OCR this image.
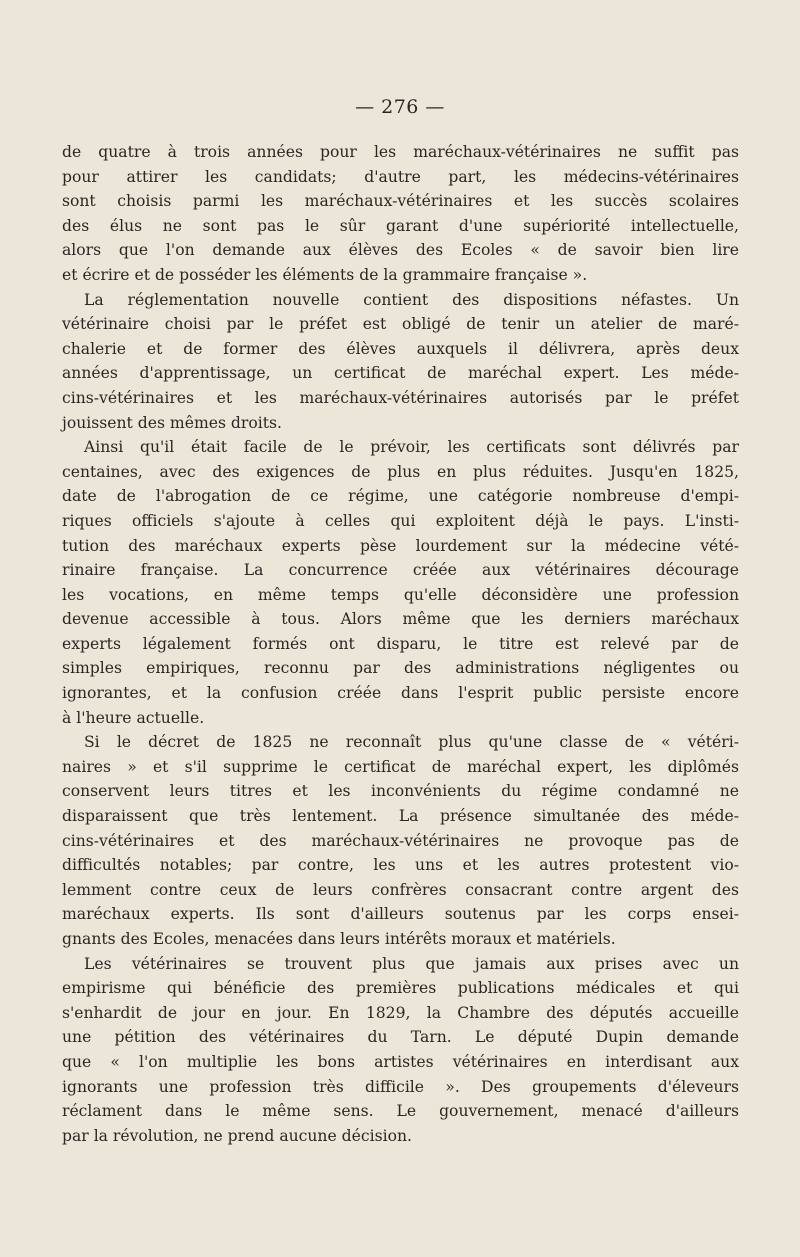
— 276 —
de quatre à trois années pour les maréchaux-vétérinaires ne suffit pas
pour attirer les candidats; d'autre part, les médecins-vétérinaires
sont choisis parmi les maréchaux-vétérinaires et les succès scolaires
des élus ne sont pas le sûr garant d'une supériorité intellectuelle,
alors que l'on demande aux élèves des Ecoles « de savoir bien lire
et écrire et de posséder les éléments de la grammaire française ».
La réglementation nouvelle contient des dispositions néfastes. Un
vétérinaire choisi par le préfet est obligé de tenir un atelier de maré-
chalerie et de former des élèves auxquels il délivrera, après deux
années d'apprentissage, un certificat de maréchal expert. Les méde-
cins-vétérinaires et les maréchaux-vétérinaires autorisés par le préfet
jouissent des mêmes droits.
Ainsi qu'il était facile de le prévoir, les certificats sont délivrés par
centaines, avec des exigences de plus en plus réduites. Jusqu'en 1825,
date de l'abrogation de ce régime, une catégorie nombreuse d'empi-
riques officiels s'ajoute à celles qui exploitent déjà le pays. L'insti-
tution des maréchaux experts pèse lourdement sur la médecine vété-
rinaire française. La concurrence créée aux vétérinaires décourage
les vocations, en même temps qu'elle déconsidère une profession
devenue accessible à tous. Alors même que les derniers maréchaux
experts légalement formés ont disparu, le titre est relevé par de
simples empiriques, reconnu par des administrations négligentes ou
ignorantes, et la confusion créée dans l'esprit public persiste encore
à l'heure actuelle.
Si le décret de 1825 ne reconnaît plus qu'une classe de « vétéri-
naires » et s'il supprime le certificat de maréchal expert, les diplômés
conservent leurs titres et les inconvénients du régime condamné ne
disparaissent que très lentement. La présence simultanée des méde-
cins-vétérinaires et des maréchaux-vétérinaires ne provoque pas de
difficultés notables; par contre, les uns et les autres protestent vio-
lemment contre ceux de leurs confrères consacrant contre argent des
maréchaux experts. Ils sont d'ailleurs soutenus par les corps ensei-
gnants des Ecoles, menacées dans leurs intérêts moraux et matériels.
Les vétérinaires se trouvent plus que jamais aux prises avec un
empirisme qui bénéficie des premières publications médicales et qui
s'enhardit de jour en jour. En 1829, la Chambre des députés accueille
une pétition des vétérinaires du Tarn. Le député Dupin demande
que « l'on multiplie les bons artistes vétérinaires en interdisant aux
ignorants une profession très difficile ». Des groupements d'éleveurs
réclament dans le même sens. Le gouvernement, menacé d'ailleurs
par la révolution, ne prend aucune décision.
